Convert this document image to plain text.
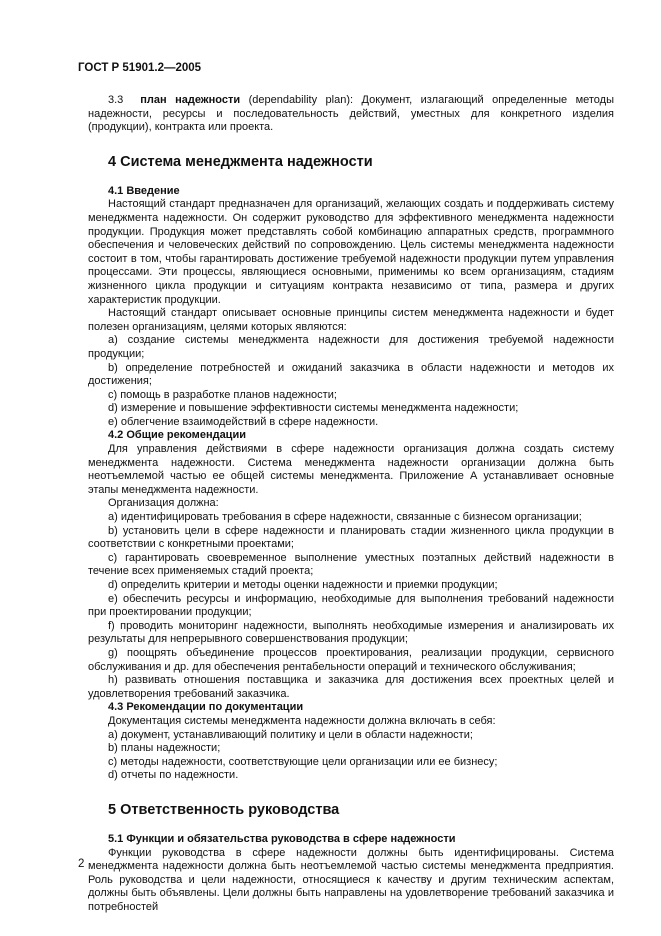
ГОСТ Р 51901.2—2005

3.3 план надежности (dependability plan): Документ, излагающий определенные методы надежности, ресурсы и последовательность действий, уместных для конкретного изделия (продукции), контракта или проекта.

4 Система менеджмента надежности
4.1 Введение

Настоящий стандарт предназначен для организаций, желающих создать и поддерживать систему менеджмента надежности. Он содержит руководство для эффективного менеджмента надежности продукции. Продукция может представлять собой комбинацию аппаратных средств, программного обеспечения и человеческих действий по сопровождению. Цель системы менеджмента надежности состоит в том, чтобы гарантировать достижение требуемой надежности продукции путем управления процессами. Эти процессы, являющиеся основными, применимы ко всем организациям, стадиям жизненного цикла продукции и ситуациям контракта независимо от типа, размера и других характеристик продукции.

Настоящий стандарт описывает основные принципы систем менеджмента надежности и будет полезен организациям, целями которых являются:

a) создание системы менеджмента надежности для достижения требуемой надежности продукции;

b) определение потребностей и ожиданий заказчика в области надежности и методов их достижения;

c) помощь в разработке планов надежности;

d) измерение и повышение эффективности системы менеджмента надежности;

e) облегчение взаимодействий в сфере надежности.

4.2 Общие рекомендации

Для управления действиями в сфере надежности организация должна создать систему менеджмента надежности. Система менеджмента надежности организации должна быть неотъемлемой частью ее общей системы менеджмента. Приложение А устанавливает основные этапы менеджмента надежности.

Организация должна:

a) идентифицировать требования в сфере надежности, связанные с бизнесом организации;

b) установить цели в сфере надежности и планировать стадии жизненного цикла продукции в соответствии с конкретными проектами;

c) гарантировать своевременное выполнение уместных поэтапных действий надежности в течение всех применяемых стадий проекта;

d) определить критерии и методы оценки надежности и приемки продукции;

e) обеспечить ресурсы и информацию, необходимые для выполнения требований надежности при проектировании продукции;

f) проводить мониторинг надежности, выполнять необходимые измерения и анализировать их результаты для непрерывного совершенствования продукции;

g) поощрять объединение процессов проектирования, реализации продукции, сервисного обслуживания и др. для обеспечения рентабельности операций и технического обслуживания;

h) развивать отношения поставщика и заказчика для достижения всех проектных целей и удовлетворения требований заказчика.

4.3 Рекомендации по документации

Документация системы менеджмента надежности должна включать в себя:

a) документ, устанавливающий политику и цели в области надежности;

b) планы надежности;

c) методы надежности, соответствующие цели организации или ее бизнесу;

d) отчеты по надежности.

5 Ответственность руководства
5.1 Функции и обязательства руководства в сфере надежности

Функции руководства в сфере надежности должны быть идентифицированы. Система менеджмента надежности должна быть неотъемлемой частью системы менеджмента предприятия. Роль руководства и цели надежности, относящиеся к качеству и другим техническим аспектам, должны быть объявлены. Цели должны быть направлены на удовлетворение требований заказчика и потребностей

2
